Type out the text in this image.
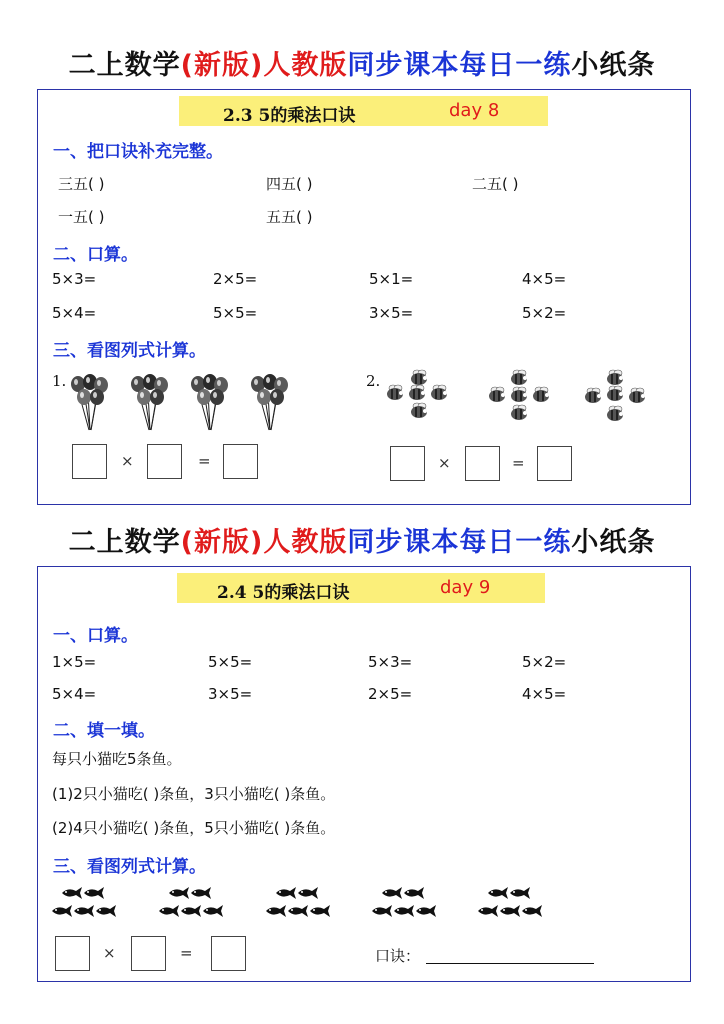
二上数学(新版)人教版同步课本每日一练小纸条
2.3 5的乘法口诀	day 8
一、把口诀补充完整。
三五( )	四五( )	二五( )
一五( )	五五( )
二、口算。
5×3=	2×5=	5×1=	4×5=
5×4=	5×5=	3×5=	5×2=
三、看图列式计算。
1.	2.
×	=	×	=
二上数学(新版)人教版同步课本每日一练小纸条
2.4 5的乘法口诀	day 9
一、口算。
1×5=	5×5=	5×3=	5×2=
5×4=	3×5=	2×5=	4×5=
二、填一填。
每只小猫吃5条鱼。
(1)2只小猫吃( )条鱼，3只小猫吃( )条鱼。
(2)4只小猫吃( )条鱼，5只小猫吃( )条鱼。
三、看图列式计算。
×	=	口诀：
